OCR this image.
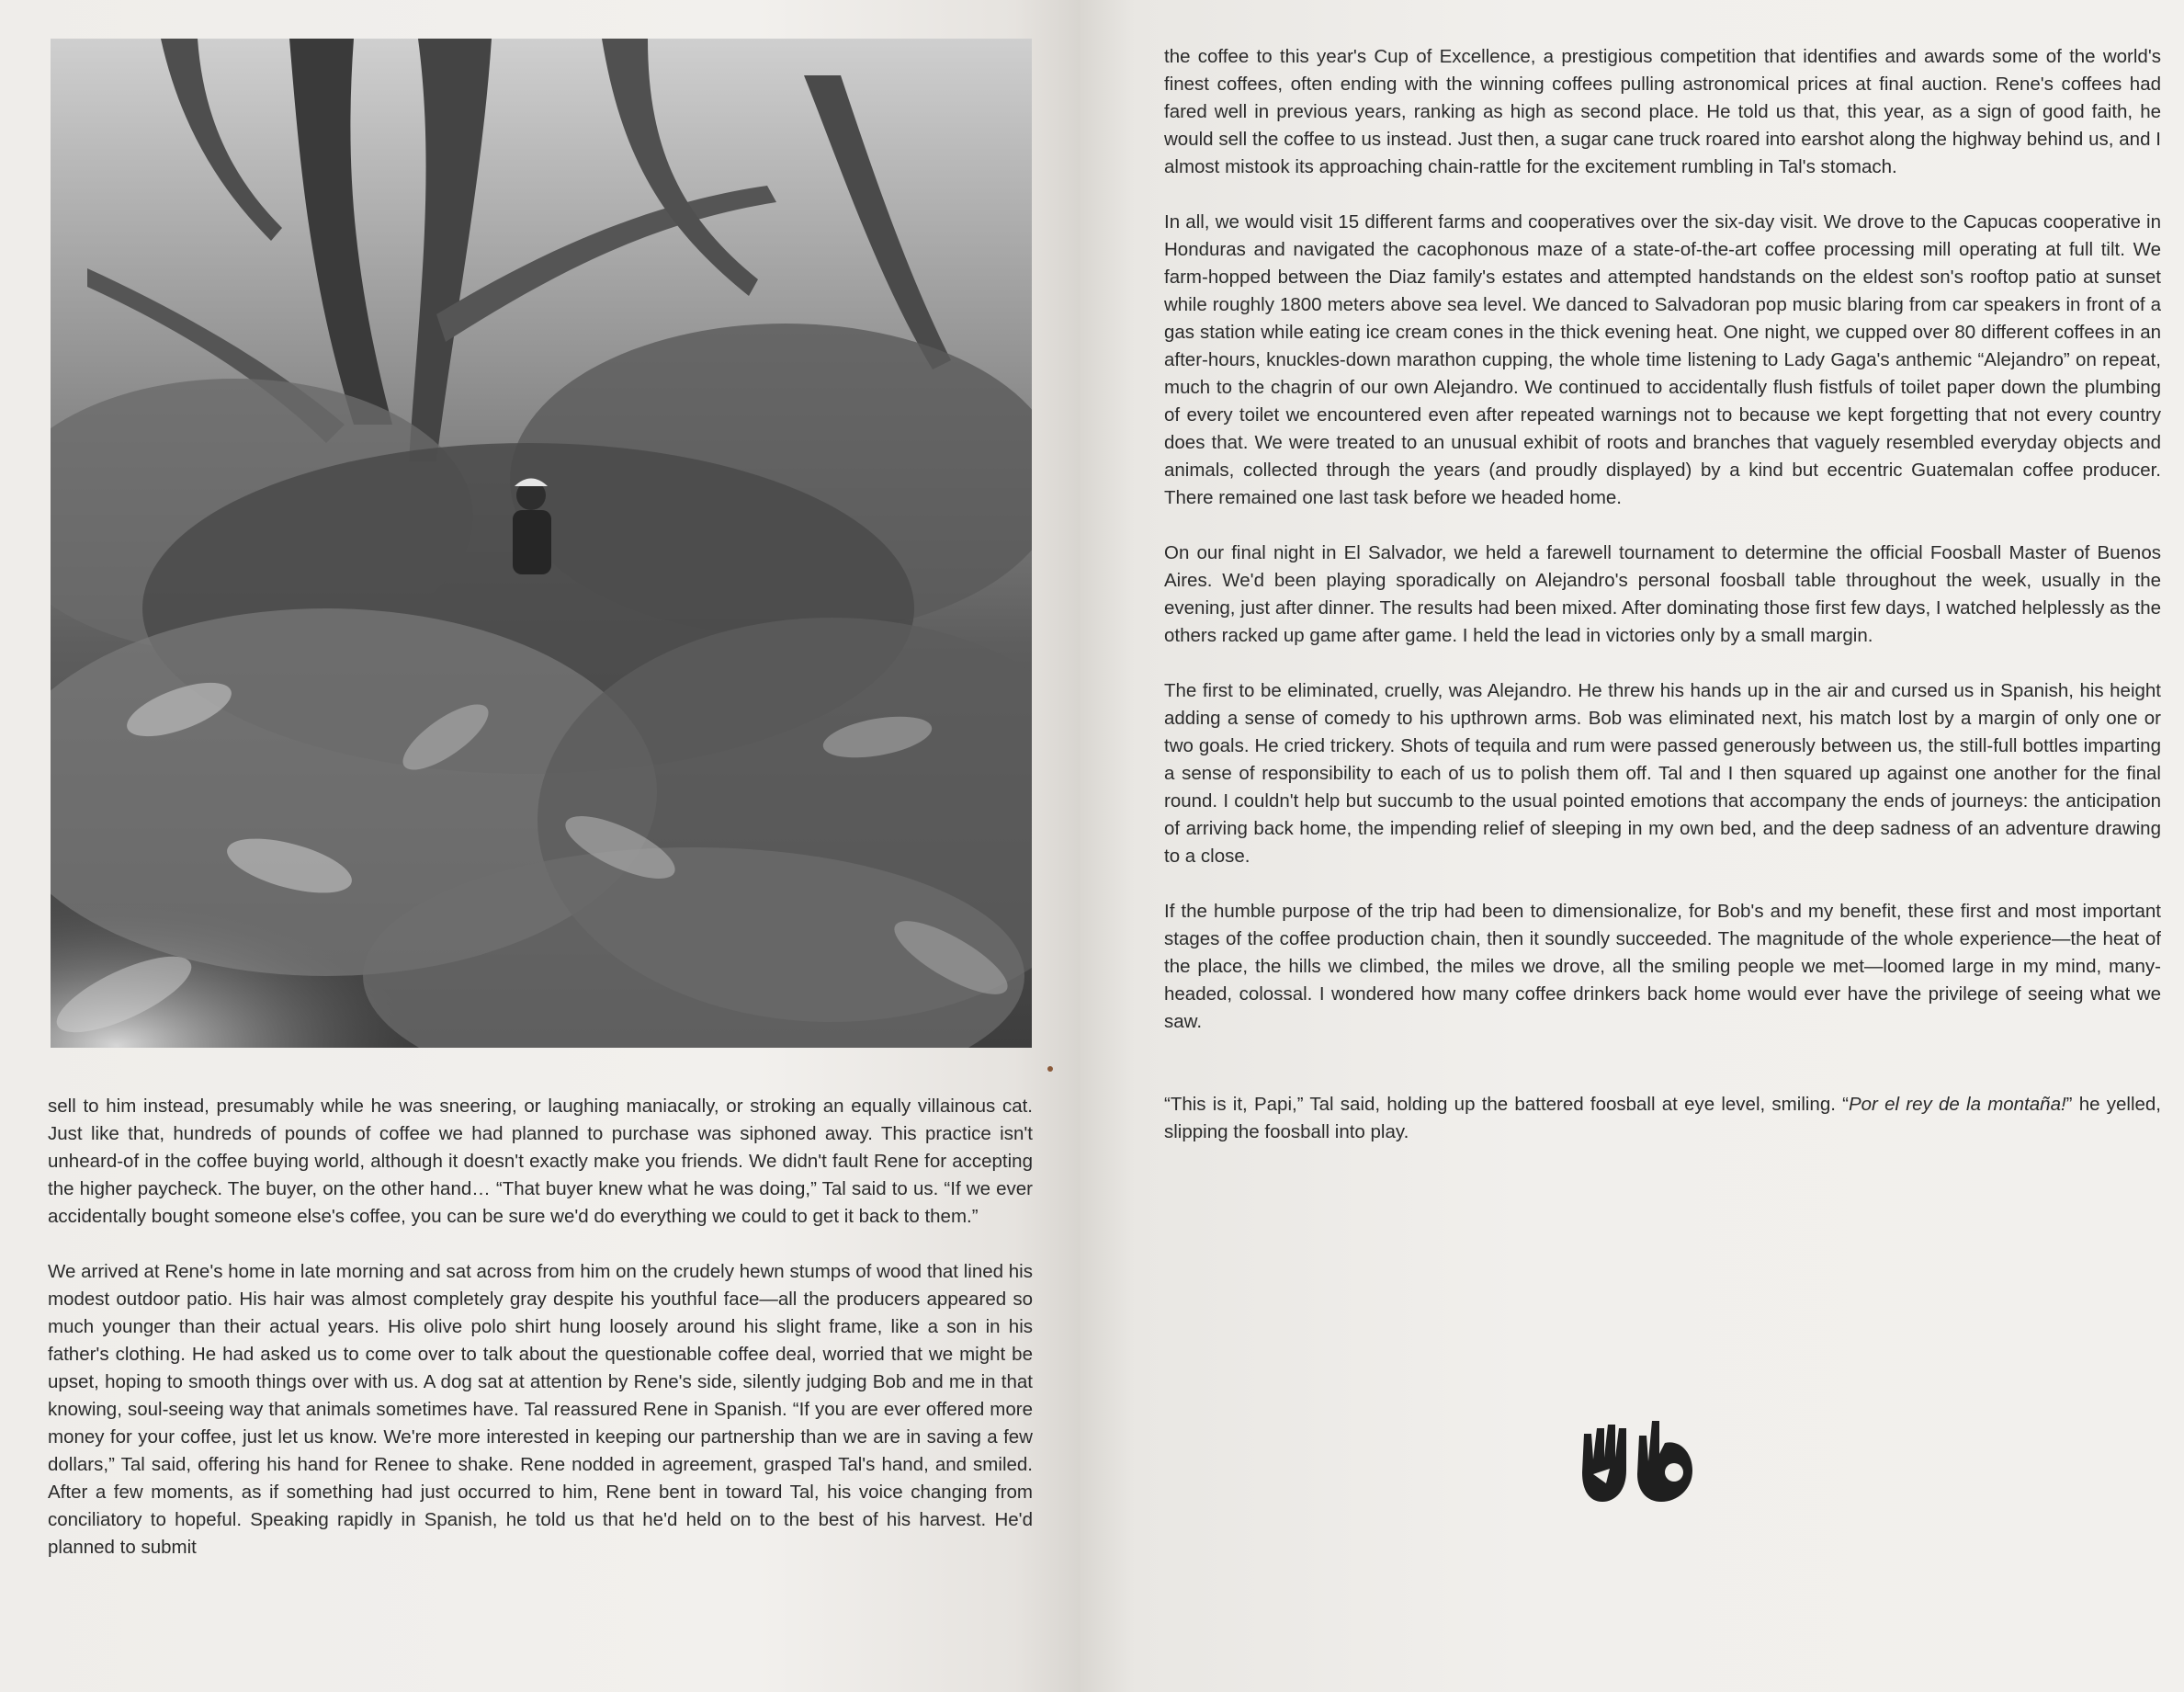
sell to him instead, presumably while he was sneering, or laughing maniacally, or stroking an equally villainous cat. Just like that, hundreds of pounds of coffee we had planned to purchase was siphoned away. This practice isn't unheard-of in the coffee buying world, although it doesn't exactly make you friends. We didn't fault Rene for accepting the higher paycheck. The buyer, on the other hand… “That buyer knew what he was doing,” Tal said to us. “If we ever accidentally bought someone else's coffee, you can be sure we'd do everything we could to get it back to them.”

We arrived at Rene's home in late morning and sat across from him on the crudely hewn stumps of wood that lined his modest outdoor patio. His hair was almost completely gray despite his youthful face—all the producers appeared so much younger than their actual years. His olive polo shirt hung loosely around his slight frame, like a son in his father's clothing. He had asked us to come over to talk about the questionable coffee deal, worried that we might be upset, hoping to smooth things over with us. A dog sat at attention by Rene's side, silently judging Bob and me in that knowing, soul-seeing way that animals sometimes have. Tal reassured Rene in Spanish. “If you are ever offered more money for your coffee, just let us know. We're more interested in keeping our partnership than we are in saving a few dollars,” Tal said, offering his hand for Renee to shake. Rene nodded in agreement, grasped Tal's hand, and smiled. After a few moments, as if something had just occurred to him, Rene bent in toward Tal, his voice changing from conciliatory to hopeful. Speaking rapidly in Spanish, he told us that he'd held on to the best of his harvest. He'd planned to submit

the coffee to this year's Cup of Excellence, a prestigious competition that identifies and awards some of the world's finest coffees, often ending with the winning coffees pulling astronomical prices at final auction. Rene's coffees had fared well in previous years, ranking as high as second place. He told us that, this year, as a sign of good faith, he would sell the coffee to us instead. Just then, a sugar cane truck roared into earshot along the highway behind us, and I almost mistook its approaching chain-rattle for the excitement rumbling in Tal's stomach.

In all, we would visit 15 different farms and cooperatives over the six-day visit. We drove to the Capucas cooperative in Honduras and navigated the cacophonous maze of a state-of-the-art coffee processing mill operating at full tilt. We farm-hopped between the Diaz family's estates and attempted handstands on the eldest son's rooftop patio at sunset while roughly 1800 meters above sea level. We danced to Salvadoran pop music blaring from car speakers in front of a gas station while eating ice cream cones in the thick evening heat. One night, we cupped over 80 different coffees in an after-hours, knuckles-down marathon cupping, the whole time listening to Lady Gaga's anthemic “Alejandro” on repeat, much to the chagrin of our own Alejandro. We continued to accidentally flush fistfuls of toilet paper down the plumbing of every toilet we encountered even after repeated warnings not to because we kept forgetting that not every country does that. We were treated to an unusual exhibit of roots and branches that vaguely resembled everyday objects and animals, collected through the years (and proudly displayed) by a kind but eccentric Guatemalan coffee producer. There remained one last task before we headed home.

On our final night in El Salvador, we held a farewell tournament to determine the official Foosball Master of Buenos Aires. We'd been playing sporadically on Alejandro's personal foosball table throughout the week, usually in the evening, just after dinner. The results had been mixed. After dominating those first few days, I watched helplessly as the others racked up game after game. I held the lead in victories only by a small margin.

The first to be eliminated, cruelly, was Alejandro. He threw his hands up in the air and cursed us in Spanish, his height adding a sense of comedy to his upthrown arms. Bob was eliminated next, his match lost by a margin of only one or two goals. He cried trickery. Shots of tequila and rum were passed generously between us, the still-full bottles imparting a sense of responsibility to each of us to polish them off. Tal and I then squared up against one another for the final round. I couldn't help but succumb to the usual pointed emotions that accompany the ends of journeys: the anticipation of arriving back home, the impending relief of sleeping in my own bed, and the deep sadness of an adventure drawing to a close.

If the humble purpose of the trip had been to dimensionalize, for Bob's and my benefit, these first and most important stages of the coffee production chain, then it soundly succeeded. The magnitude of the whole experience—the heat of the place, the hills we climbed, the miles we drove, all the smiling people we met—loomed large in my mind, many-headed, colossal. I wondered how many coffee drinkers back home would ever have the privilege of seeing what we saw.

“This is it, Papi,” Tal said, holding up the battered foosball at eye level, smiling. “Por el rey de la montaña!” he yelled, slipping the foosball into play.
